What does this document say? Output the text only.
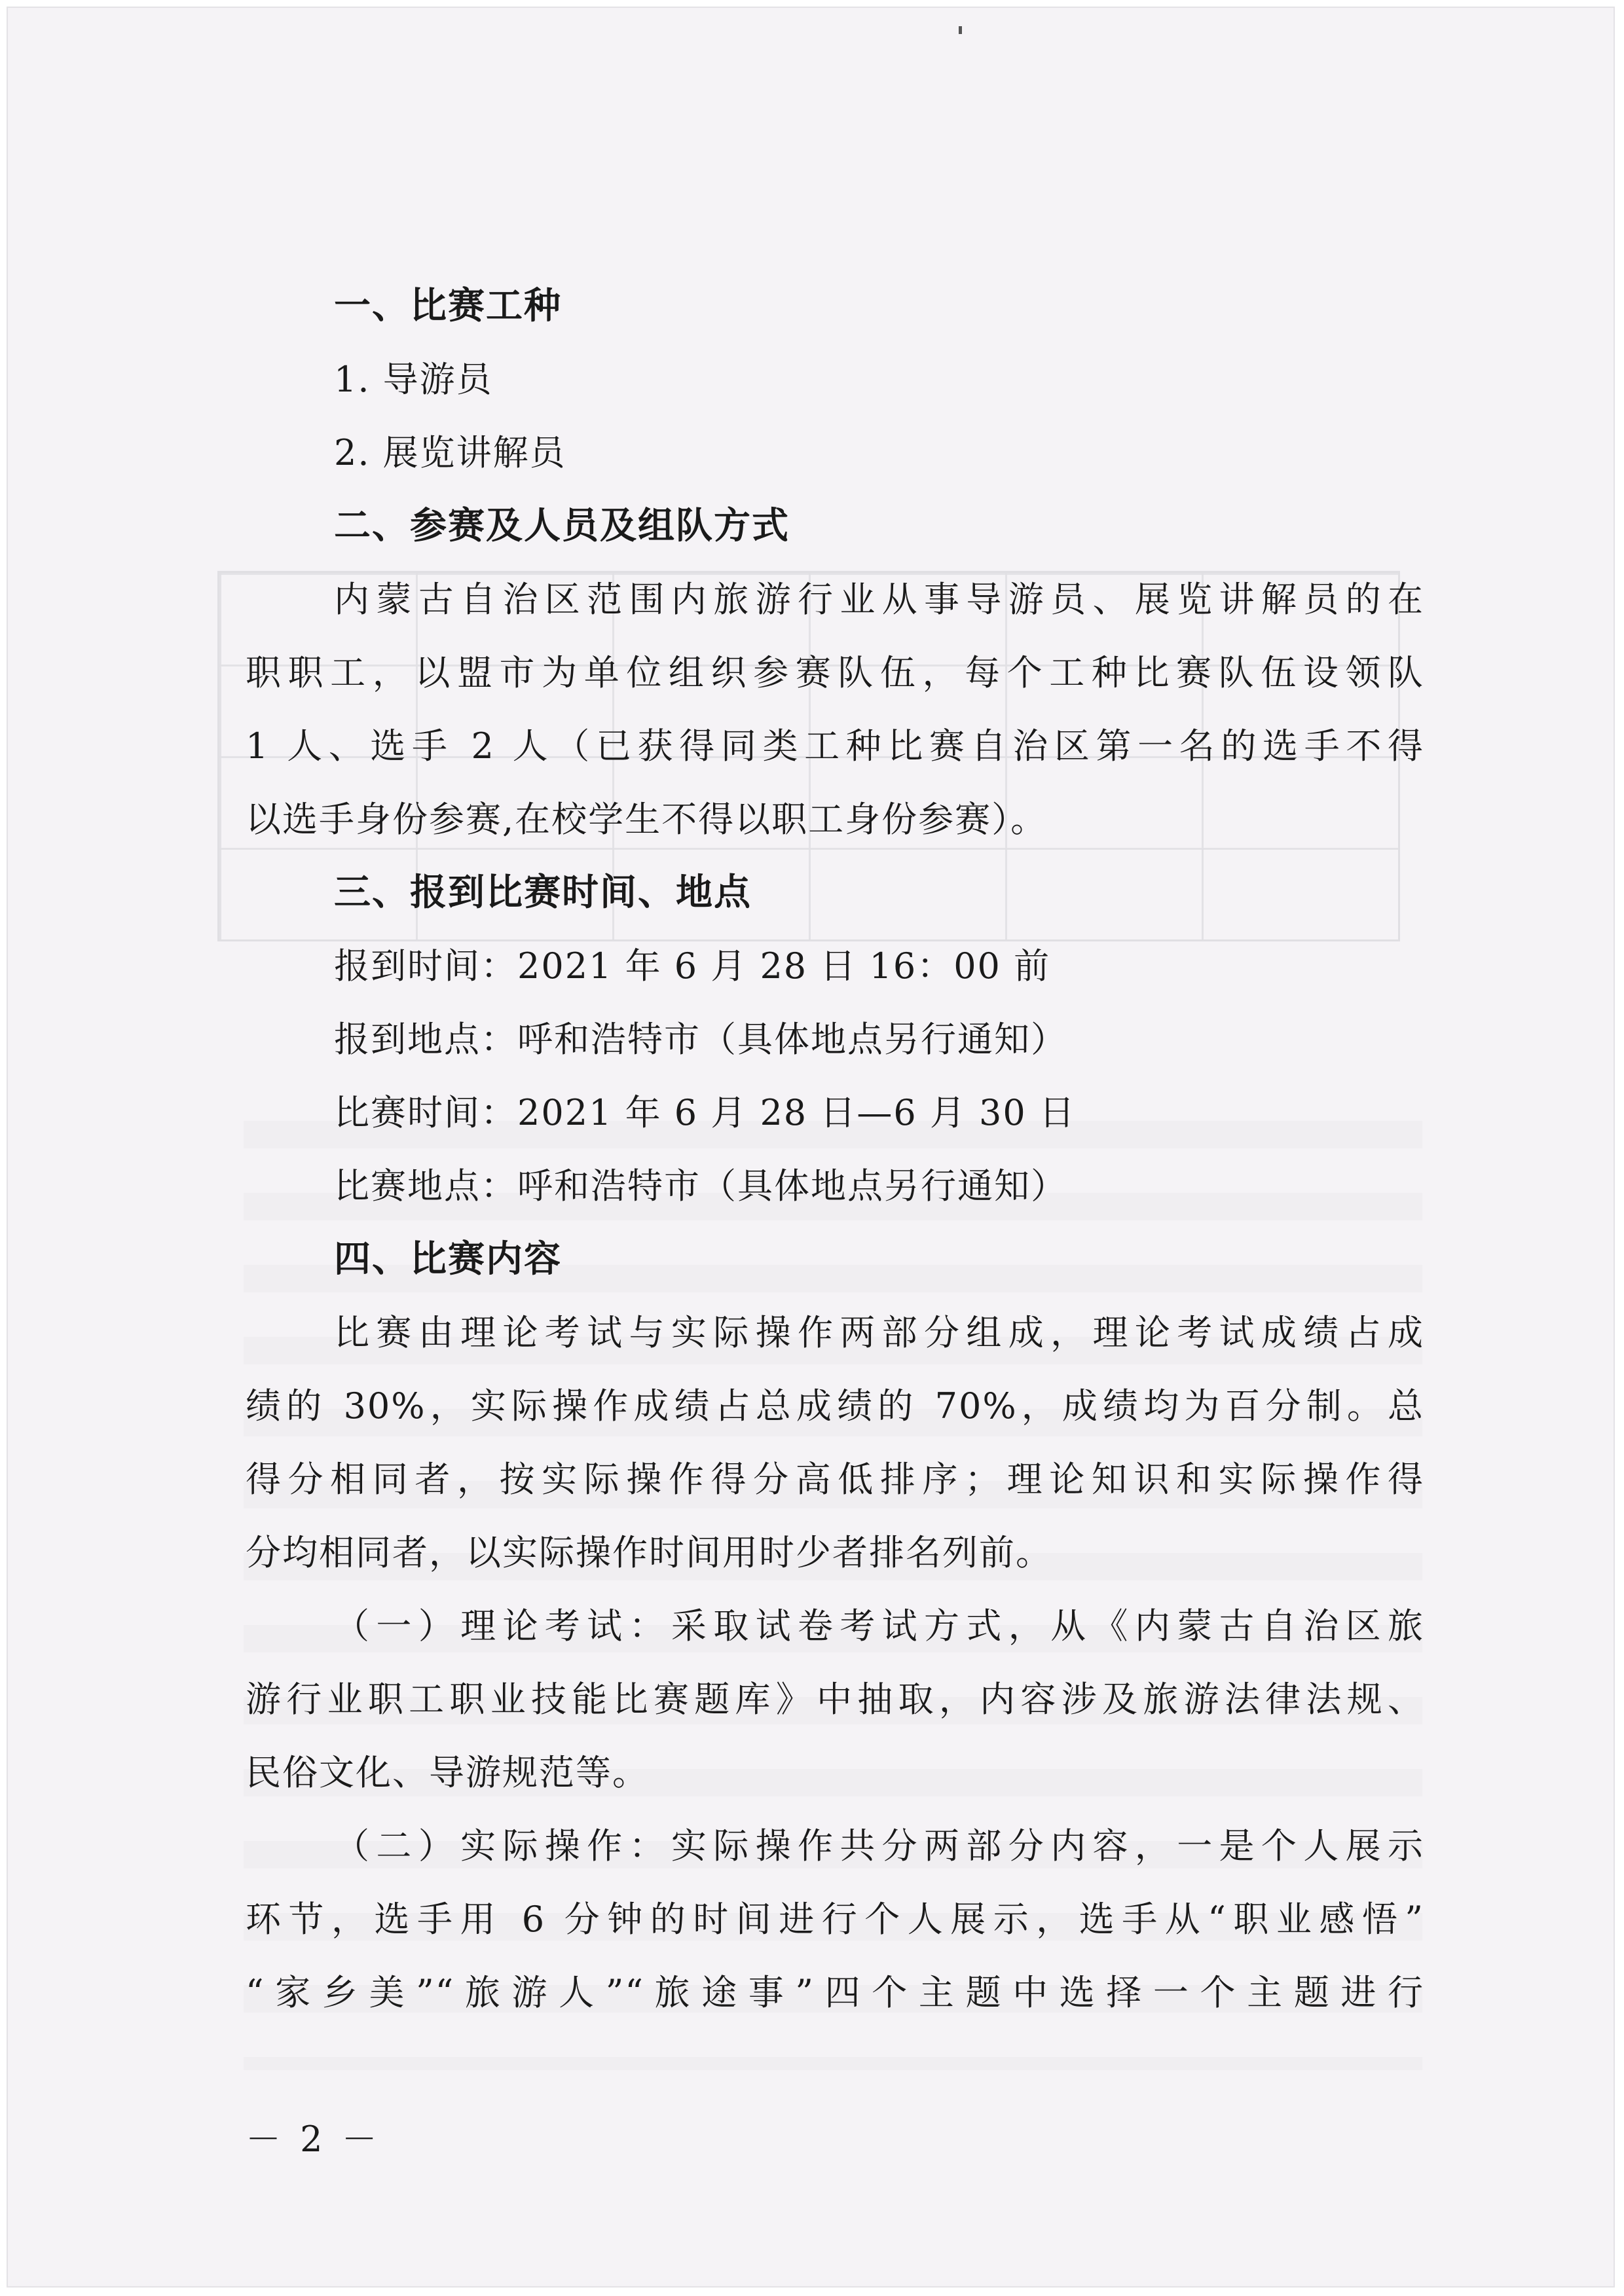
一、比赛工种
1. 导游员
2. 展览讲解员
二、参赛及人员及组队方式
内蒙古自治区范围内旅游行业从事导游员、展览讲解员的在
职职工，以盟市为单位组织参赛队伍，每个工种比赛队伍设领队
1 人、选手 2 人（已获得同类工种比赛自治区第一名的选手不得
以选手身份参赛,在校学生不得以职工身份参赛）。
三、报到比赛时间、地点
报到时间：2021 年 6 月 28 日 16：00 前
报到地点：呼和浩特市（具体地点另行通知）
比赛时间：2021 年 6 月 28 日—6 月 30 日
比赛地点：呼和浩特市（具体地点另行通知）
四、比赛内容
比赛由理论考试与实际操作两部分组成，理论考试成绩占成
绩的 30%，实际操作成绩占总成绩的 70%，成绩均为百分制。总
得分相同者，按实际操作得分高低排序；理论知识和实际操作得
分均相同者，以实际操作时间用时少者排名列前。
（一）理论考试：采取试卷考试方式，从《内蒙古自治区旅
游行业职工职业技能比赛题库》中抽取，内容涉及旅游法律法规、
民俗文化、导游规范等。
（二）实际操作：实际操作共分两部分内容，一是个人展示
环节，选手用 6 分钟的时间进行个人展示，选手从“职业感悟”
“家乡美”“旅游人”“旅途事”四个主题中选择一个主题进行
－ 2 －
